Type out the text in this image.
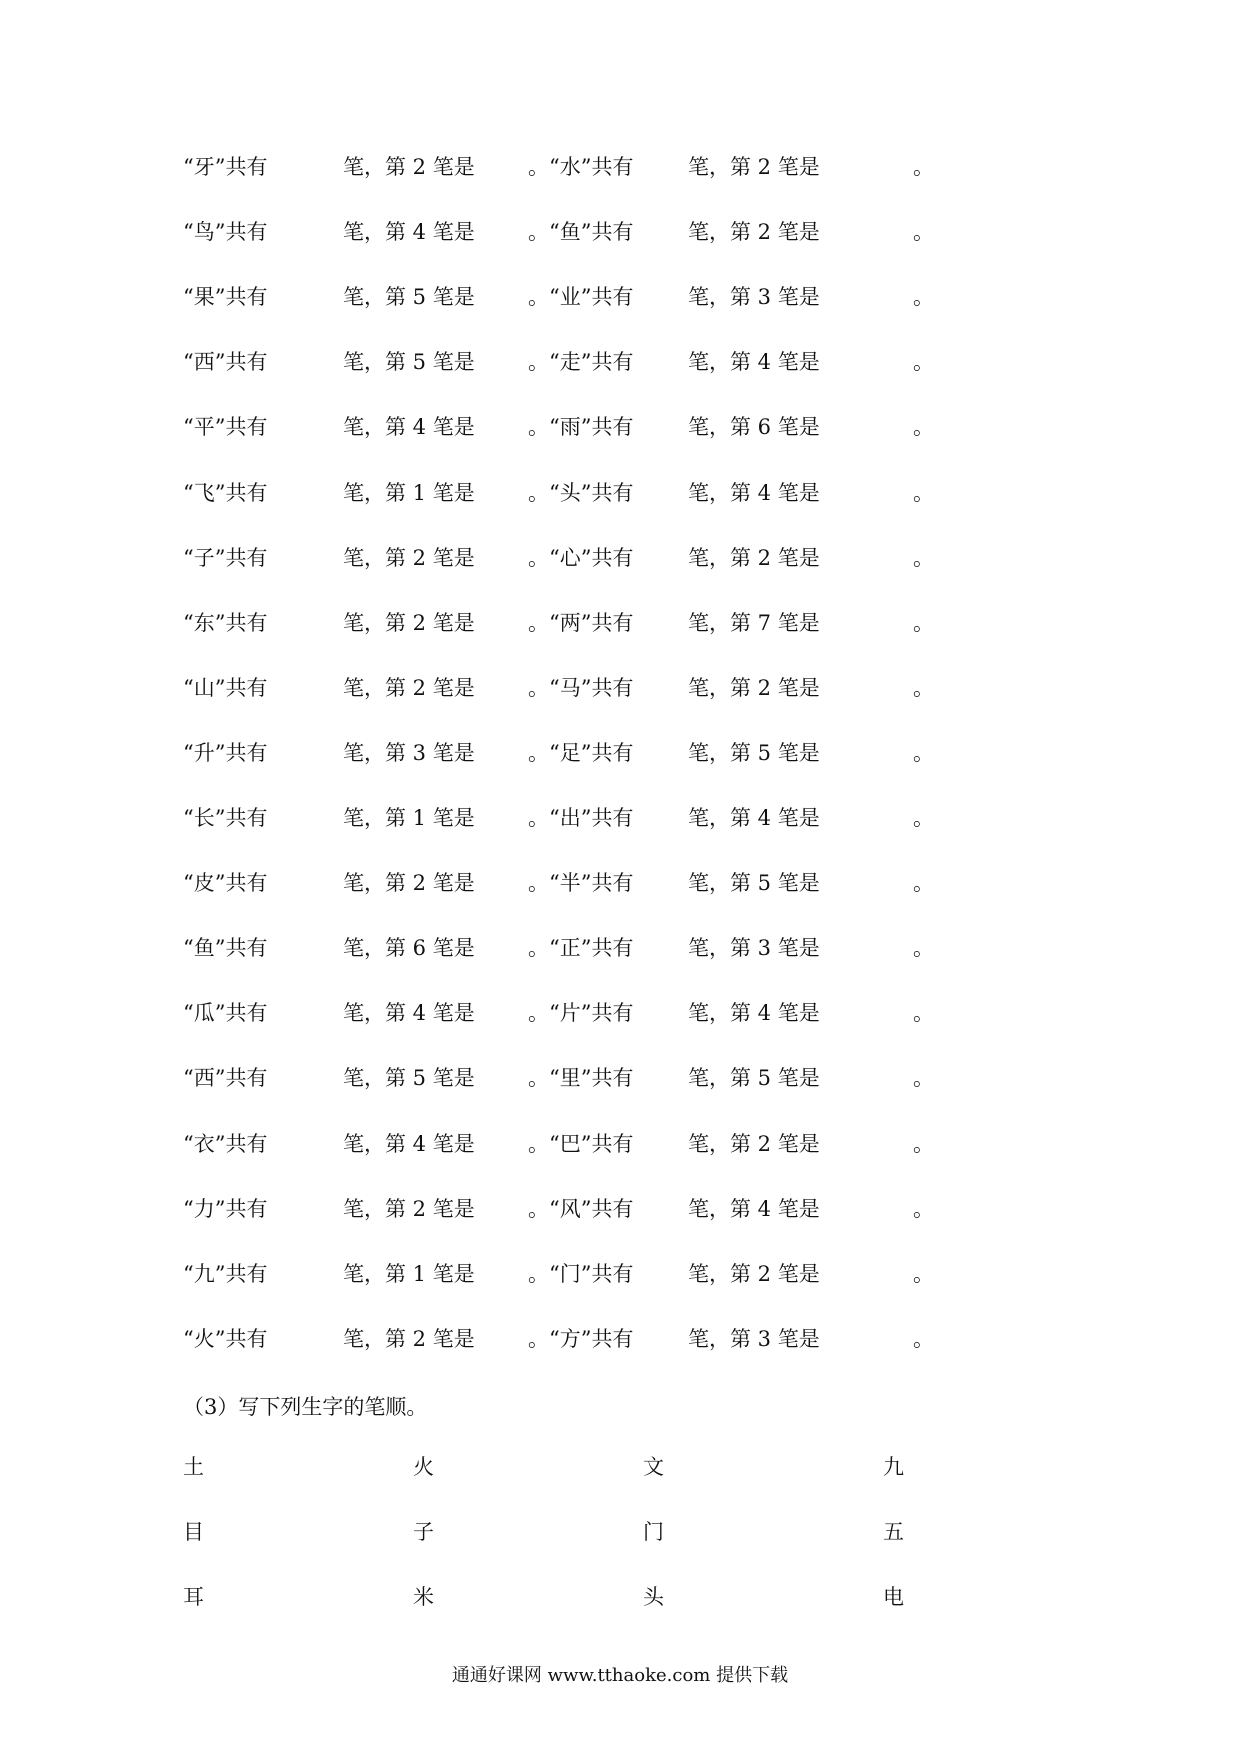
“牙”共有	笔，第 2 笔是	。“水”共有	笔，第 2 笔是	。
“鸟”共有	笔，第 4 笔是	。“鱼”共有	笔，第 2 笔是	。
“果”共有	笔，第 5 笔是	。“业”共有	笔，第 3 笔是	。
“西”共有	笔，第 5 笔是	。“走”共有	笔，第 4 笔是	。
“平”共有	笔，第 4 笔是	。“雨”共有	笔，第 6 笔是	。
“飞”共有	笔，第 1 笔是	。“头”共有	笔，第 4 笔是	。
“子”共有	笔，第 2 笔是	。“心”共有	笔，第 2 笔是	。
“东”共有	笔，第 2 笔是	。“两”共有	笔，第 7 笔是	。
“山”共有	笔，第 2 笔是	。“马”共有	笔，第 2 笔是	。
“升”共有	笔，第 3 笔是	。“足”共有	笔，第 5 笔是	。
“长”共有	笔，第 1 笔是	。“出”共有	笔，第 4 笔是	。
“皮”共有	笔，第 2 笔是	。“半”共有	笔，第 5 笔是	。
“鱼”共有	笔，第 6 笔是	。“正”共有	笔，第 3 笔是	。
“瓜”共有	笔，第 4 笔是	。“片”共有	笔，第 4 笔是	。
“西”共有	笔，第 5 笔是	。“里”共有	笔，第 5 笔是	。
“衣”共有	笔，第 4 笔是	。“巴”共有	笔，第 2 笔是	。
“力”共有	笔，第 2 笔是	。“风”共有	笔，第 4 笔是	。
“九”共有	笔，第 1 笔是	。“门”共有	笔，第 2 笔是	。
“火”共有	笔，第 2 笔是	。“方”共有	笔，第 3 笔是	。
（3）写下列生字的笔顺。
土	火	文	九
目	子	门	五
耳	米	头	电
通通好课网 www.tthaoke.com 提供下载
